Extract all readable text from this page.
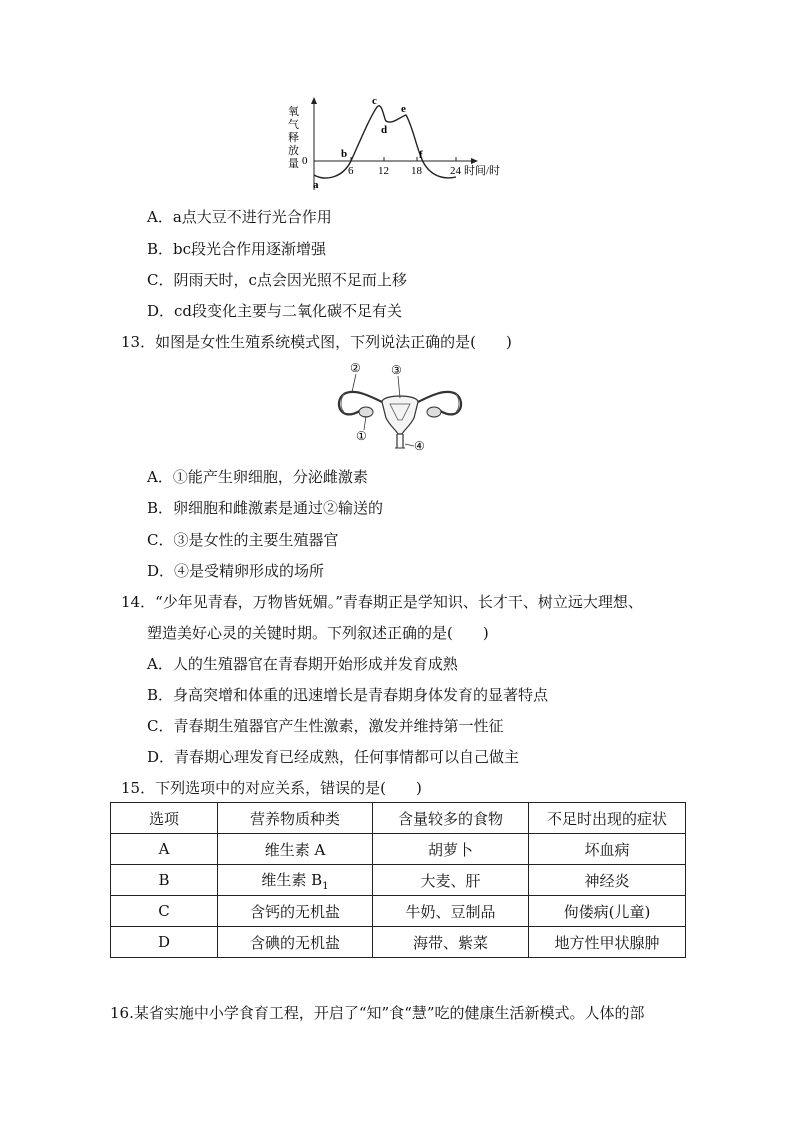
氧
气
释
放
量 0
6 12 18	24 时间/时
a
b
c
d
e
f
A．a点大豆不进行光合作用
B．bc段光合作用逐渐增强
C．阴雨天时，c点会因光照不足而上移
D．cd段变化主要与二氧化碳不足有关
13．如图是女性生殖系统模式图，下列说法正确的是(　　)
②	③
①
④
A．①能产生卵细胞，分泌雌激素
B．卵细胞和雌激素是通过②输送的
C．③是女性的主要生殖器官
D．④是受精卵形成的场所
14．“少年见青春，万物皆妩媚。”青春期正是学知识、长才干、树立远大理想、
塑造美好心灵的关键时期。下列叙述正确的是(　　)
A．人的生殖器官在青春期开始形成并发育成熟
B．身高突增和体重的迅速增长是青春期身体发育的显著特点
C．青春期生殖器官产生性激素，激发并维持第一性征
D．青春期心理发育已经成熟，任何事情都可以自己做主
15．下列选项中的对应关系，错误的是(　　)
选项	营养物质种类	含量较多的食物	不足时出现的症状
A	维生素 A	胡萝卜	坏血病
B	维生素 $B_1$	大麦、肝	神经炎
C	含钙的无机盐	牛奶、豆制品	佝偻病(儿童)
D	含碘的无机盐	海带、紫菜	地方性甲状腺肿
16.某省实施中小学食育工程，开启了“知”食“慧”吃的健康生活新模式。人体的部
